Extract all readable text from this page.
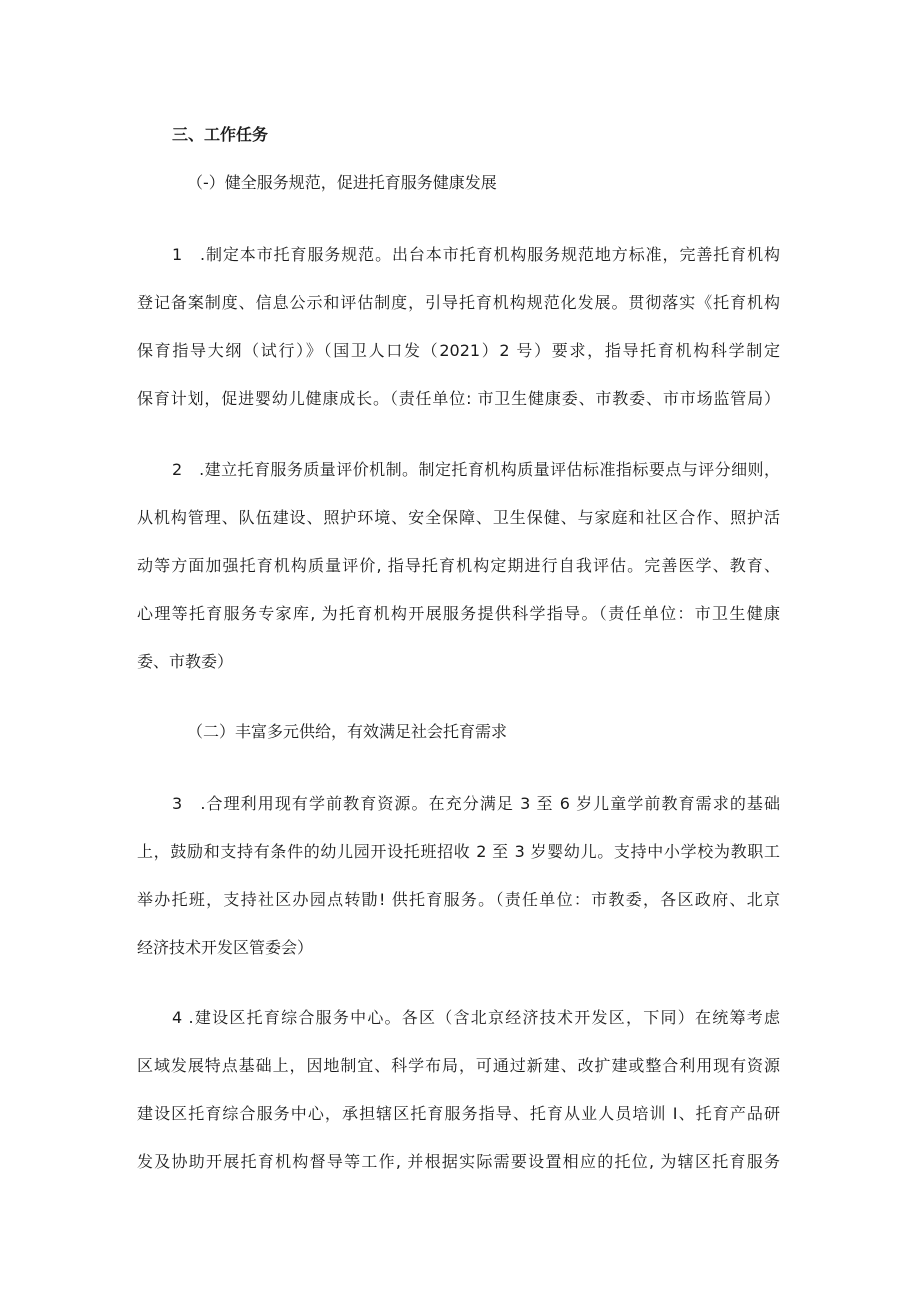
三、工作任务
（-）健全服务规范，促进托育服务健康发展
1　.制定本市托育服务规范。出台本市托育机构服务规范地方标准，完善托育机构
登记备案制度、信息公示和评估制度，引导托育机构规范化发展。贯彻落实《托育机构
保育指导大纲（试行）》（国卫人口发（2021）2 号）要求，指导托育机构科学制定
保育计划，促进婴幼儿健康成长。（责任单位: 市卫生健康委、市教委、市市场监管局）
2　.建立托育服务质量评价机制。制定托育机构质量评估标准指标要点与评分细则，
从机构管理、队伍建设、照护环境、安全保障、卫生保健、与家庭和社区合作、照护活
动等方面加强托育机构质量评价, 指导托育机构定期进行自我评估。完善医学、教育、
心理等托育服务专家库, 为托育机构开展服务提供科学指导。（责任单位：市卫生健康
委、市教委）
（二）丰富多元供给，有效满足社会托育需求
3　.合理利用现有学前教育资源。在充分满足 3 至 6 岁儿童学前教育需求的基础
上，鼓励和支持有条件的幼儿园开设托班招收 2 至 3 岁婴幼儿。支持中小学校为教职工
举办托班，支持社区办园点转勖! 供托育服务。（责任单位：市教委，各区政府、北京
经济技术开发区管委会）
4 .建设区托育综合服务中心。各区（含北京经济技术开发区，下同）在统筹考虑
区域发展特点基础上，因地制宜、科学布局，可通过新建、改扩建或整合利用现有资源
建设区托育综合服务中心，承担辖区托育服务指导、托育从业人员培训 I、托育产品研
发及协助开展托育机构督导等工作, 并根据实际需要设置相应的托位, 为辖区托育服务
